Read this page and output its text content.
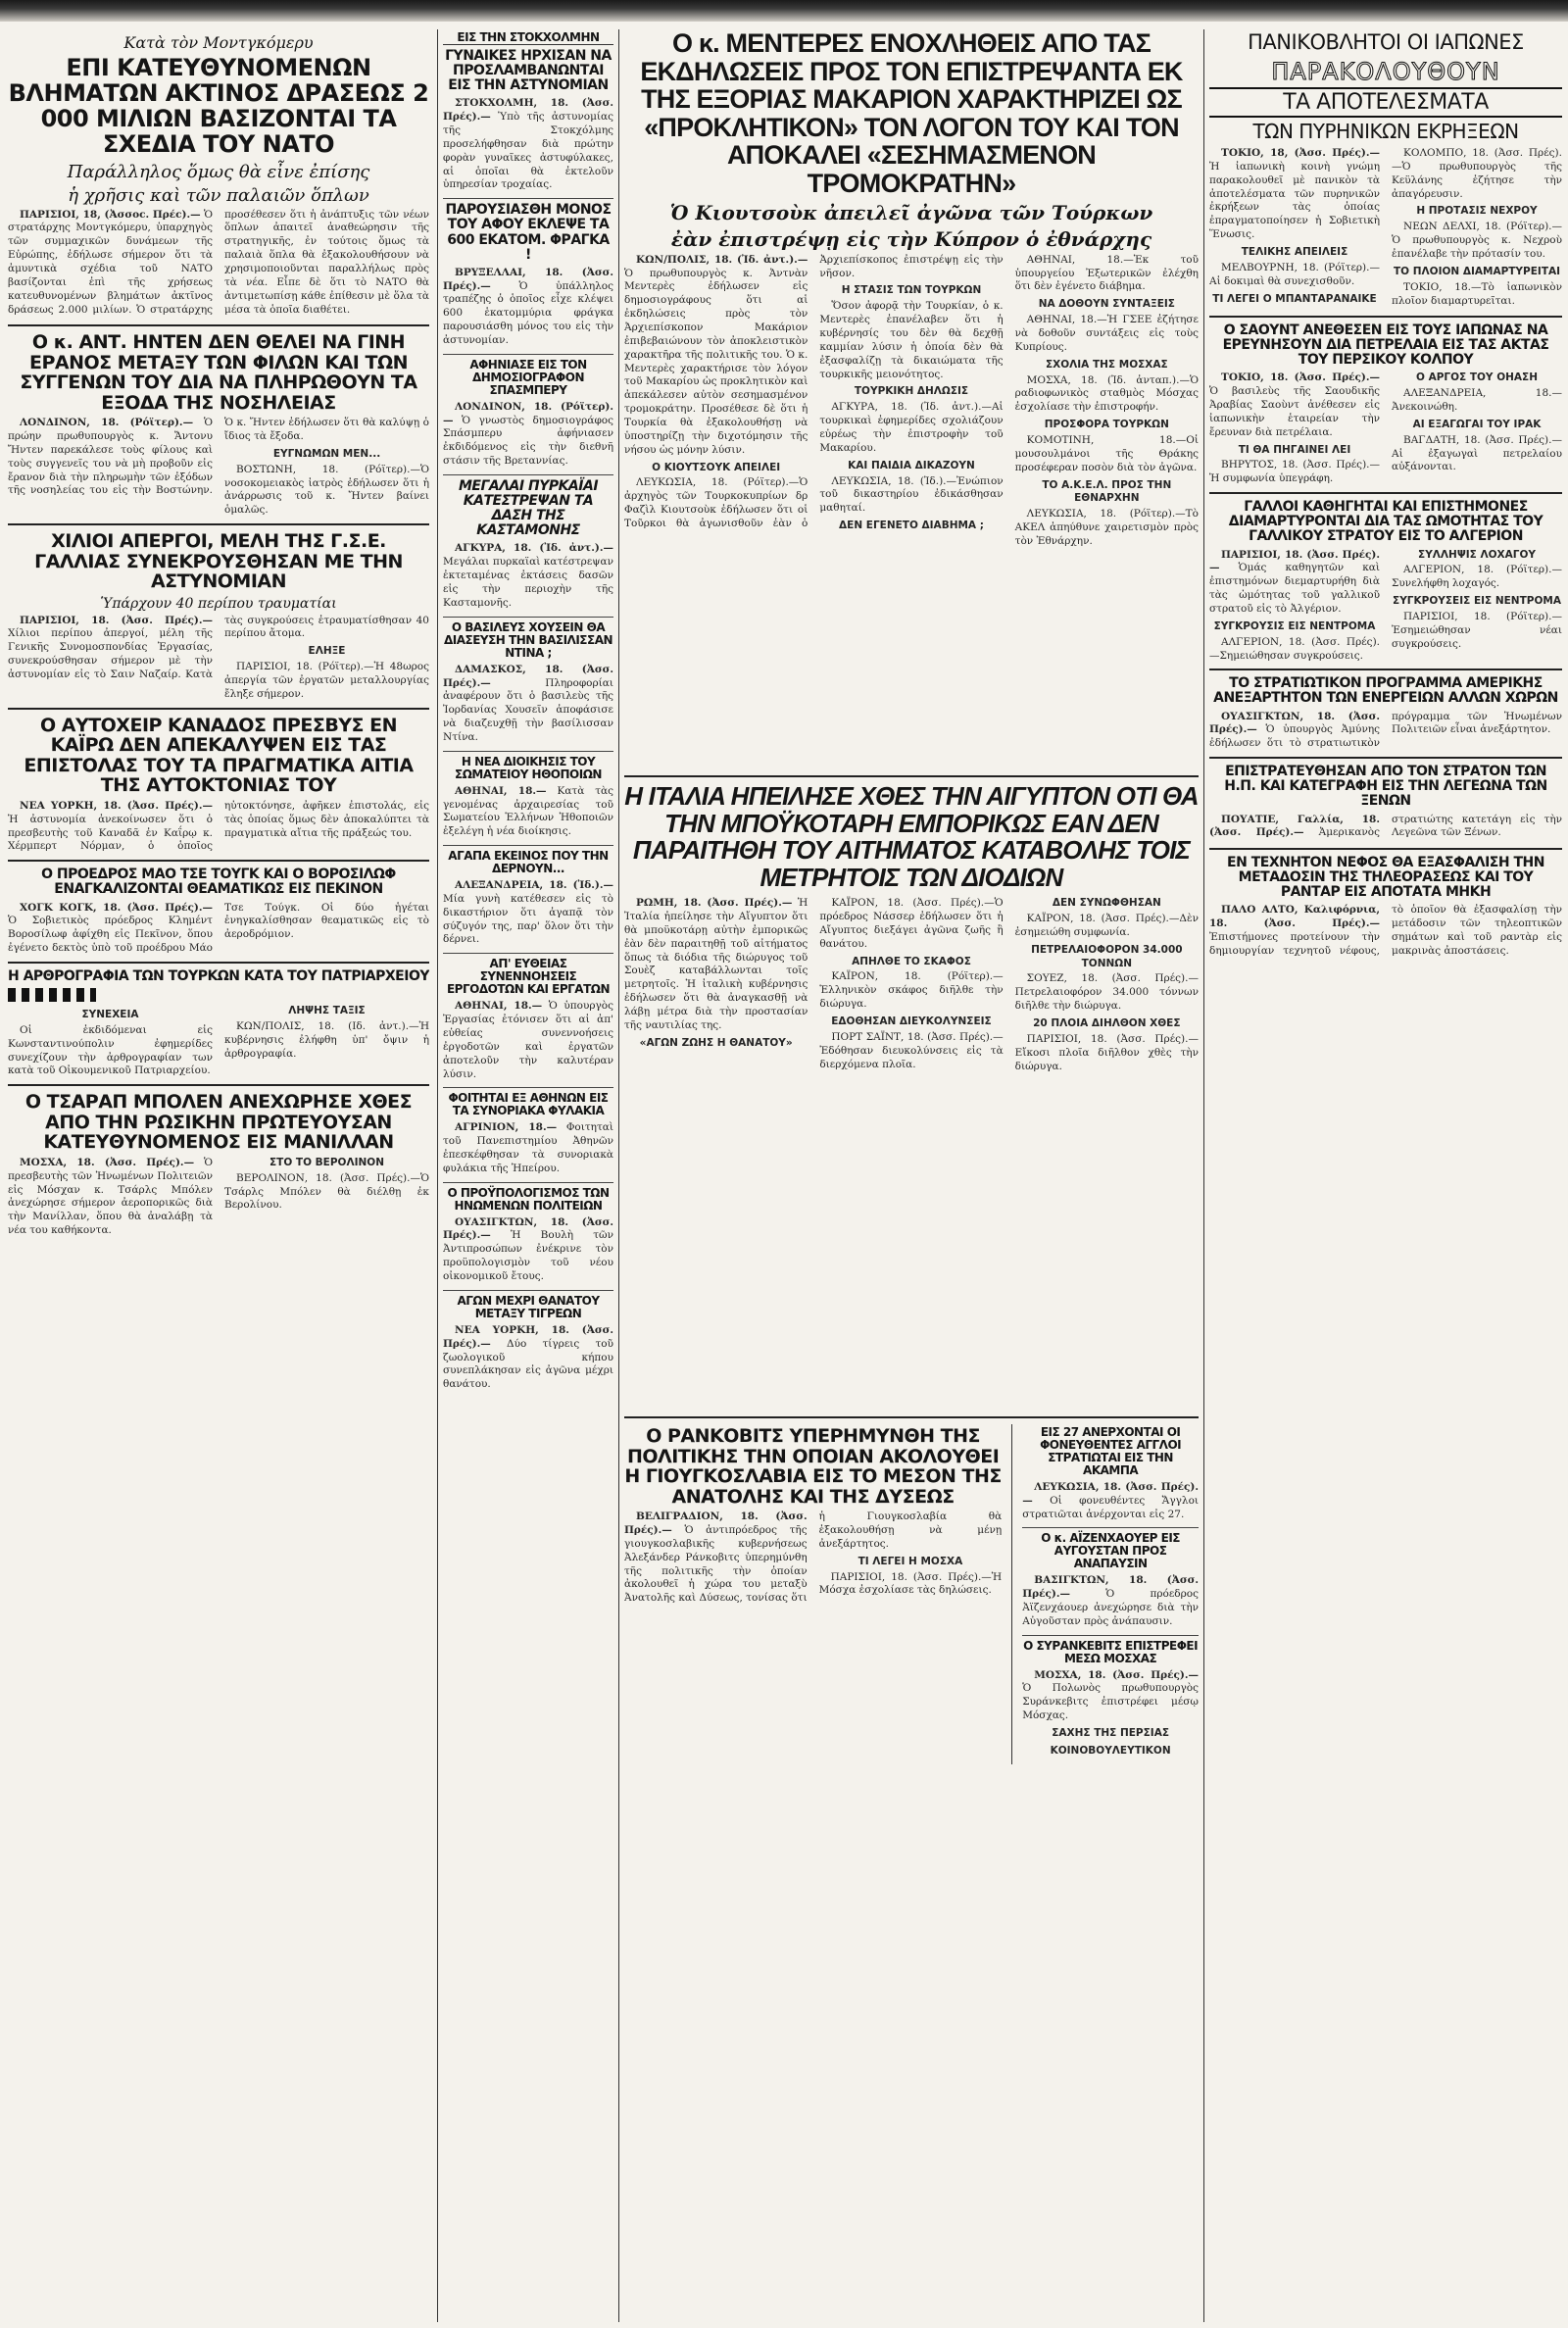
Κατὰ τὸν Μοντγκόμερυ
ΕΠΙ ΚΑΤΕΥΘΥΝΟΜΕΝΩΝ ΒΛΗΜΑΤΩΝ ΑΚΤΙΝΟΣ ΔΡΑΣΕΩΣ 2 000 ΜΙΛΙΩΝ ΒΑΣΙΖΟΝΤΑΙ ΤΑ ΣΧΕΔΙΑ ΤΟΥ ΝΑΤΟ
Παράλληλος ὅμως θὰ εἶνε ἐπίσης
ἡ χρῆσις καὶ τῶν παλαιῶν ὅπλων

ΠΑΡΙΣΙΟΙ, 18, (Ἀσσοc. Πρέc).— Ὁ στρατάρχης Μοντγκόμερυ, ὑπαρχηγὸς τῶν συμμαχικῶν δυνάμεων τῆς Εὐρώπης, ἐδήλωσε σήμερον ὅτι τὰ ἀμυντικὰ σχέδια τοῦ ΝΑΤΟ βασίζονται ἐπὶ τῆς χρήσεως κατευθυνομένων βλημάτων ἀκτῖνος δράσεως 2.000 μιλίων. Ὁ στρατάρχης προσέθεσεν ὅτι ἡ ἀνάπτυξις τῶν νέων ὅπλων ἀπαιτεῖ ἀναθεώρησιν τῆς στρατηγικῆς, ἐν τούτοις ὅμως τὰ παλαιὰ ὅπλα θὰ ἐξακολουθήσουν νὰ χρησιμοποιοῦνται παραλλήλως πρὸς τὰ νέα. Εἶπε δὲ ὅτι τὸ ΝΑΤΟ θὰ ἀντιμετωπίσῃ κάθε ἐπίθεσιν μὲ ὅλα τὰ μέσα τὰ ὁποῖα διαθέτει.

Ο κ. ΑΝΤ. ΗΝΤΕΝ ΔΕΝ ΘΕΛΕΙ ΝΑ ΓΙΝΗ ΕΡΑΝΟΣ ΜΕΤΑΞΥ ΤΩΝ ΦΙΛΩΝ ΚΑΙ ΤΩΝ ΣΥΓΓΕΝΩΝ ΤΟΥ ΔΙΑ ΝΑ ΠΛΗΡΩΘΟΥΝ ΤΑ ΕΞΟΔΑ ΤΗΣ ΝΟΣΗΛΕΙΑΣ

ΛΟΝΔΙΝΟΝ, 18. (Ρόϊτερ).— Ὁ πρώην πρωθυπουργὸς κ. Ἄντονυ Ἤντεν παρεκάλεσε τοὺς φίλους καὶ τοὺς συγγενεῖς του νὰ μὴ προβοῦν εἰς ἔρανον διὰ τὴν πληρωμὴν τῶν ἐξόδων τῆς νοσηλείας του εἰς τὴν Βοστώνην. Ὁ κ. Ἤντεν ἐδήλωσεν ὅτι θὰ καλύψῃ ὁ ἴδιος τὰ ἔξοδα.

ΕΥΓΝΩΜΩΝ ΜΕΝ...

ΒΟΣΤΩΝΗ, 18. (Ρόϊτερ).—Ὁ νοσοκομειακὸς ἰατρὸς ἐδήλωσεν ὅτι ἡ ἀνάρρωσις τοῦ κ. Ἤντεν βαίνει ὁμαλῶς.

ΧΙΛΙΟΙ ΑΠΕΡΓΟΙ, ΜΕΛΗ ΤΗΣ Γ.Σ.Ε. ΓΑΛΛΙΑΣ ΣΥΝΕΚΡΟΥΣΘΗΣΑΝ ΜΕ ΤΗΝ ΑΣΤΥΝΟΜΙΑΝ
Ὑπάρχουν 40 περίπου τραυματίαι

ΠΑΡΙΣΙΟΙ, 18. (Ἀσσ. Πρές).— Χίλιοι περίπου ἀπεργοί, μέλη τῆς Γενικῆς Συνομοσπονδίας Ἐργασίας, συνεκρούσθησαν σήμερον μὲ τὴν ἀστυνομίαν εἰς τὸ Σαιν Ναζαίρ. Κατὰ τὰς συγκρούσεις ἐτραυματίσθησαν 40 περίπου ἄτομα.

ΕΛΗΞΕ

ΠΑΡΙΣΙΟΙ, 18. (Ρόϊτερ).—Ἡ 48ωρος ἀπεργία τῶν ἐργατῶν μεταλλουργίας ἔληξε σήμερον.

Ο ΑΥΤΟΧΕΙΡ ΚΑΝΑΔΟΣ ΠΡΕΣΒΥΣ ΕΝ ΚΑΪΡΩ ΔΕΝ ΑΠΕΚΑΛΥΨΕΝ ΕΙΣ ΤΑΣ ΕΠΙΣΤΟΛΑΣ ΤΟΥ ΤΑ ΠΡΑΓΜΑΤΙΚΑ ΑΙΤΙΑ ΤΗΣ ΑΥΤΟΚΤΟΝΙΑΣ ΤΟΥ

ΝΕΑ ΥΟΡΚΗ, 18. (Ἀσσ. Πρές).— Ἡ ἀστυνομία ἀνεκοίνωσεν ὅτι ὁ πρεσβευτὴς τοῦ Καναδᾶ ἐν Καΐρῳ κ. Χέρμπερτ Νόρμαν, ὁ ὁποῖος ηὐτοκτόνησε, ἀφῆκεν ἐπιστολάς, εἰς τὰς ὁποίας ὅμως δὲν ἀποκαλύπτει τὰ πραγματικὰ αἴτια τῆς πράξεώς του.

Ο ΠΡΟΕΔΡΟΣ ΜΑΟ ΤΣΕ ΤΟΥΓΚ ΚΑΙ Ο ΒΟΡΟΣΙΛΩΦ ΕΝΑΓΚΑΛΙΖΟΝΤΑΙ ΘΕΑΜΑΤΙΚΩΣ ΕΙΣ ΠΕΚΙΝΟΝ

ΧΟΓΚ ΚΟΓΚ, 18. (Ἀσσ. Πρές).— Ὁ Σοβιετικὸς πρόεδρος Κλημέντ Βοροσίλωφ ἀφίχθη εἰς Πεκῖνον, ὅπου ἐγένετο δεκτὸς ὑπὸ τοῦ προέδρου Μάο Τσε Τούγκ. Οἱ δύο ἡγέται ἐνηγκαλίσθησαν θεαματικῶς εἰς τὸ ἀεροδρόμιον.

Η ΑΡΘΡΟΓΡΑΦΙΑ ΤΩΝ ΤΟΥΡΚΩΝ ΚΑΤΑ ΤΟΥ ΠΑΤΡΙΑΡΧΕΙΟΥ
ΣΥΝΕΧΕΙΑ

Οἱ ἐκδιδόμεναι εἰς Κωνσταντινούπολιν ἐφημερίδες συνεχίζουν τὴν ἀρθρογραφίαν των κατὰ τοῦ Οἰκουμενικοῦ Πατριαρχείου.

ΛΗΨΗΣ ΤΑΞΙΣ

ΚΩΝ/ΠΟΛΙΣ, 18. (Ιδ. ἀντ.).—Ἡ κυβέρνησις ἐλήφθη ὑπ' ὄψιν ἡ ἀρθρογραφία.

Ο ΤΣΑΡΑΠ ΜΠΟΛΕΝ ΑΝΕΧΩΡΗΣΕ ΧΘΕΣ ΑΠΟ ΤΗΝ ΡΩΣΙΚΗΝ ΠΡΩΤΕΥΟΥΣΑΝ ΚΑΤΕΥΘΥΝΟΜΕΝΟΣ ΕΙΣ ΜΑΝΙΛΛΑΝ

ΜΟΣΧΑ, 18. (Ἀσσ. Πρές).— Ὁ πρεσβευτὴς τῶν Ἡνωμένων Πολιτειῶν εἰς Μόσχαν κ. Τσάρλς Μπόλεν ἀνεχώρησε σήμερον ἀεροπορικῶς διὰ τὴν Μανίλλαν, ὅπου θὰ ἀναλάβῃ τὰ νέα του καθήκοντα.

ΣΤΟ ΤΟ ΒΕΡΟΛΙΝΟΝ

ΒΕΡΟΛΙΝΟΝ, 18. (Ἀσσ. Πρές).—Ὁ Τσάρλς Μπόλεν θὰ διέλθῃ ἐκ Βερολίνου.

ΕΙΣ ΤΗΝ ΣΤΟΚΧΟΛΜΗΝ
ΓΥΝΑΙΚΕΣ ΗΡΧΙΣΑΝ ΝΑ ΠΡΟΣΛΑΜΒΑΝΩΝΤΑΙ ΕΙΣ ΤΗΝ ΑΣΤΥΝΟΜΙΑΝ

ΣΤΟΚΧΟΛΜΗ, 18. (Ἀσσ. Πρές).— Ὑπὸ τῆς ἀστυνομίας τῆς Στοκχόλμης προσελήφθησαν διὰ πρώτην φορὰν γυναῖκες ἀστυφύλακες, αἱ ὁποῖαι θὰ ἐκτελοῦν ὑπηρεσίαν τροχαίας.

ΠΑΡΟΥΣΙΑΣΘΗ ΜΟΝΟΣ ΤΟΥ ΑΦΟΥ ΕΚΛΕΨΕ ΤΑ 600 ΕΚΑΤΟΜ. ΦΡΑΓΚΑ !

ΒΡΥΞΕΛΛΑΙ, 18. (Ἀσσ. Πρές).—	Ὁ ὑπάλληλος τραπέζης ὁ ὁποῖος εἶχε κλέψει 600 ἑκατομμύρια φράγκα παρουσιάσθη μόνος του εἰς τὴν ἀστυνομίαν.

ΑΦΗΝΙΑΣΕ ΕΙΣ ΤΟΝ ΔΗΜΟΣΙΟΓΡΑΦΟΝ ΣΠΑΣΜΠΕΡΥ

ΛΟΝΔΙΝΟΝ, 18. (Ρόϊτερ).— Ὁ γνωστὸς δημοσιογράφος Σπάσμπερυ ἀφήνιασεν ἐκδιδόμενος εἰς τὴν διεθνῆ στάσιν τῆς Βρεταννίας.

ΜΕΓΑΛΑΙ ΠΥΡΚΑΪΑΙ ΚΑΤΕΣΤΡΕΨΑΝ ΤΑ ΔΑΣΗ ΤΗΣ ΚΑΣΤΑΜΟΝΗΣ

ΑΓΚΥΡΑ, 18. (Ἰδ. ἀντ.).— Μεγάλαι πυρκαϊαὶ κατέστρεψαν ἐκτεταμένας ἐκτάσεις δασῶν εἰς τὴν περιοχὴν τῆς Κασταμονῆς.

Ο ΒΑΣΙΛΕΥΣ ΧΟΥΣΕΙΝ ΘΑ ΔΙΑΣΕΥΣΗ ΤΗΝ ΒΑΣΙΛΙΣΣΑΝ ΝΤΙΝΑ ;

ΔΑΜΑΣΚΟΣ, 18. (Ἀσσ. Πρές).—	Πληροφορίαι ἀναφέρουν ὅτι ὁ βασιλεὺς τῆς Ἰορδανίας Χουσεῖν ἀποφάσισε νὰ διαζευχθῇ τὴν βασίλισσαν Ντίνα.

Η ΝΕΑ ΔΙΟΙΚΗΣΙΣ ΤΟΥ ΣΩΜΑΤΕΙΟΥ ΗΘΟΠΟΙΩΝ

ΑΘΗΝΑΙ, 18.— Κατὰ τὰς γενομένας ἀρχαιρεσίας τοῦ Σωματείου Ἑλλήνων Ἠθοποιῶν ἐξελέγη ἡ νέα διοίκησις.

ΑΓΑΠΑ ΕΚΕΙΝΟΣ ΠΟΥ ΤΗΝ ΔΕΡΝΟΥΝ...

ΑΛΕΞΑΝΔΡΕΙΑ, 18. (Ἰδ.).— Μία γυνὴ κατέθεσεν εἰς τὸ δικαστήριον ὅτι ἀγαπᾷ τὸν σύζυγόν της, παρ' ὅλον ὅτι τὴν δέρνει.

ΑΠ' ΕΥΘΕΙΑΣ ΣΥΝΕΝΝΟΗΣΕΙΣ ΕΡΓΟΔΟΤΩΝ ΚΑΙ ΕΡΓΑΤΩΝ

ΑΘΗΝΑΙ, 18.— Ὁ ὑπουργὸς Ἐργασίας ἐτόνισεν ὅτι αἱ ἀπ' εὐθείας συνεννοήσεις ἐργοδοτῶν καὶ ἐργατῶν ἀποτελοῦν τὴν καλυτέραν λύσιν.

ΦΟΙΤΗΤΑΙ ΕΞ ΑΘΗΝΩΝ ΕΙΣ ΤΑ ΣΥΝΟΡΙΑΚΑ ΦΥΛΑΚΙΑ

ΑΓΡΙΝΙΟΝ, 18.— Φοιτηταὶ τοῦ Πανεπιστημίου Ἀθηνῶν ἐπεσκέφθησαν τὰ συνοριακὰ φυλάκια τῆς Ἠπείρου.

Ο ΠΡΟΫΠΟΛΟΓΙΣΜΟΣ ΤΩΝ ΗΝΩΜΕΝΩΝ ΠΟΛΙΤΕΙΩΝ

ΟΥΑΣΙΓΚΤΩΝ, 18. (Ἀσσ. Πρές).— Ἡ Βουλὴ τῶν Ἀντιπροσώπων ἐνέκρινε τὸν προϋπολογισμὸν τοῦ νέου οἰκονομικοῦ ἔτους.

ΑΓΩΝ ΜΕΧΡΙ ΘΑΝΑΤΟΥ ΜΕΤΑΞΥ ΤΙΓΡΕΩΝ

ΝΕΑ ΥΟΡΚΗ, 18. (Ἀσσ. Πρές).— Δύο τίγρεις τοῦ ζωολογικοῦ κήπου συνεπλάκησαν εἰς ἀγῶνα μέχρι θανάτου.

Ο κ. ΜΕΝΤΕΡΕΣ ΕΝΟΧΛΗΘΕΙΣ ΑΠΟ ΤΑΣ ΕΚΔΗΛΩΣΕΙΣ ΠΡΟΣ ΤΟΝ ΕΠΙΣΤΡΕΨΑΝΤΑ ΕΚ ΤΗΣ ΕΞΟΡΙΑΣ ΜΑΚΑΡΙΟΝ ΧΑΡΑΚΤΗΡΙΖΕΙ ΩΣ «ΠΡΟΚΛΗΤΙΚΟΝ» ΤΟΝ ΛΟΓΟΝ ΤΟΥ ΚΑΙ ΤΟΝ ΑΠΟΚΑΛΕΙ «ΣΕΣΗΜΑΣΜΕΝΟΝ ΤΡΟΜΟΚΡΑΤΗΝ»
Ὁ Κιουτσοὺκ ἀπειλεῖ ἀγῶνα τῶν Τούρκων
ἐὰν ἐπιστρέψῃ εἰς τὴν Κύπρον ὁ ἐθνάρχης

ΚΩΝ/ΠΟΛΙΣ, 18. (Ἰδ. ἀντ.).— Ὁ πρωθυπουργὸς κ. Ἀντνὰν Μεντερὲς ἐδήλωσεν εἰς δημοσιογράφους ὅτι αἱ ἐκδηλώσεις πρὸς τὸν Ἀρχιεπίσκοπον Μακάριον ἐπιβεβαιώνουν τὸν ἀποκλειστικὸν χαρακτῆρα τῆς πολιτικῆς του. Ὁ κ. Μεντερὲς χαρακτήρισε τὸν λόγον τοῦ Μακαρίου ὡς προκλητικὸν καὶ ἀπεκάλεσεν αὐτὸν σεσημασμένον τρομοκράτην. Προσέθεσε δὲ ὅτι ἡ Τουρκία θὰ ἐξακολουθήσῃ νὰ ὑποστηρίζῃ τὴν διχοτόμησιν τῆς νήσου ὡς μόνην λύσιν.

Ο ΚΙΟΥΤΣΟΥΚ ΑΠΕΙΛΕΙ

ΛΕΥΚΩΣΙΑ, 18. (Ρόϊτερ).—Ὁ ἀρχηγὸς τῶν Τουρκοκυπρίων δρ Φαζὶλ Κιουτσοὺκ ἐδήλωσεν ὅτι οἱ Τοῦρκοι θὰ ἀγωνισθοῦν ἐὰν ὁ Ἀρχιεπίσκοπος ἐπιστρέψῃ εἰς τὴν νῆσον.

Η ΣΤΑΣΙΣ ΤΩΝ ΤΟΥΡΚΩΝ

Ὅσον ἀφορᾷ τὴν Τουρκίαν, ὁ κ. Μεντερὲς ἐπανέλαβεν ὅτι ἡ κυβέρνησίς του δὲν θὰ δεχθῇ καμμίαν λύσιν ἡ ὁποία δὲν θὰ ἐξασφαλίζῃ τὰ δικαιώματα τῆς τουρκικῆς μειονότητος.

ΤΟΥΡΚΙΚΗ ΔΗΛΩΣΙΣ

ΑΓΚΥΡΑ, 18. (Ἰδ. ἀντ.).—Αἱ τουρκικαὶ ἐφημερίδες σχολιάζουν εὐρέως τὴν ἐπιστροφὴν τοῦ Μακαρίου.

ΚΑΙ ΠΑΙΔΙΑ ΔΙΚΑΖΟΥΝ

ΛΕΥΚΩΣΙΑ, 18. (Ἰδ.).—Ἐνώπιον τοῦ δικαστηρίου ἐδικάσθησαν μαθηταί.

ΔΕΝ ΕΓΕΝΕΤΟ ΔΙΑΒΗΜΑ ;

ΑΘΗΝΑΙ, 18.—Ἐκ τοῦ ὑπουργείου Ἐξωτερικῶν ἐλέχθη ὅτι δὲν ἐγένετο διάβημα.

ΝΑ ΔΟΘΟΥΝ ΣΥΝΤΑΞΕΙΣ

ΑΘΗΝΑΙ, 18.—Ἡ ΓΣΕΕ ἐζήτησε νὰ δοθοῦν συντάξεις εἰς τοὺς Κυπρίους.

ΣΧΟΛΙΑ ΤΗΣ ΜΟΣΧΑΣ

ΜΟΣΧΑ, 18. (Ἰδ. ἀνταπ.).—Ὁ ραδιοφωνικὸς σταθμὸς Μόσχας ἐσχολίασε τὴν ἐπιστροφήν.

ΠΡΟΣΦΟΡΑ ΤΟΥΡΚΩΝ

ΚΟΜΟΤΙΝΗ, 18.—Οἱ μουσουλμάνοι τῆς Θράκης προσέφεραν ποσὸν διὰ τὸν ἀγῶνα.

ΤΟ Α.Κ.Ε.Λ. ΠΡΟΣ ΤΗΝ ΕΘΝΑΡΧΗΝ

ΛΕΥΚΩΣΙΑ, 18. (Ρόϊτερ).—Τὸ ΑΚΕΛ ἀπηύθυνε χαιρετισμὸν πρὸς τὸν Ἐθνάρχην.

Η ΙΤΑΛΙΑ ΗΠΕΙΛΗΣΕ ΧΘΕΣ ΤΗΝ ΑΙΓΥΠΤΟΝ ΟΤΙ ΘΑ ΤΗΝ ΜΠΟΫΚΟΤΑΡΗ ΕΜΠΟΡΙΚΩΣ ΕΑΝ ΔΕΝ ΠΑΡΑΙΤΗΘΗ ΤΟΥ ΑΙΤΗΜΑΤΟΣ ΚΑΤΑΒΟΛΗΣ ΤΟΙΣ ΜΕΤΡΗΤΟΙΣ ΤΩΝ ΔΙΟΔΙΩΝ

ΡΩΜΗ, 18. (Ἀσσ. Πρές).— Ἡ Ἰταλία ἠπείλησε τὴν Αἴγυπτον ὅτι θὰ μποϋκοτάρῃ αὐτὴν ἐμπορικῶς ἐὰν δὲν παραιτηθῇ τοῦ αἰτήματος ὅπως τὰ διόδια τῆς διώρυγος τοῦ Σουὲζ καταβάλλωνται τοῖς μετρητοῖς. Ἡ ἰταλικὴ κυβέρνησις ἐδήλωσεν ὅτι θὰ ἀναγκασθῇ νὰ λάβῃ μέτρα διὰ τὴν προστασίαν τῆς ναυτιλίας της.

«ΑΓΩΝ ΖΩΗΣ Η ΘΑΝΑΤΟΥ»

ΚΑΪΡΟΝ, 18. (Ἀσσ. Πρές).—Ὁ πρόεδρος Νάσσερ ἐδήλωσεν ὅτι ἡ Αἴγυπτος διεξάγει ἀγῶνα ζωῆς ἢ θανάτου.

ΑΠΗΛΘΕ ΤΟ ΣΚΑΦΟΣ

ΚΑΪΡΟΝ, 18. (Ρόϊτερ).—Ἑλληνικὸν σκάφος διῆλθε τὴν διώρυγα.

ΕΔΟΘΗΣΑΝ ΔΙΕΥΚΟΛΥΝΣΕΙΣ

ΠΟΡΤ ΣΑΪΝΤ, 18. (Ἀσσ. Πρές).—Ἐδόθησαν διευκολύνσεις εἰς τὰ διερχόμενα πλοῖα.

ΔΕΝ ΣΥΝΩΦΘΗΣΑΝ

ΚΑΪΡΟΝ, 18. (Ἀσσ. Πρές).—Δὲν ἐσημειώθη συμφωνία.

ΠΕΤΡΕΛΑΙΟΦΟΡΟΝ 34.000 ΤΟΝΝΩΝ

ΣΟΥΕΖ, 18. (Ἀσσ. Πρές).—Πετρελαιοφόρον 34.000 τόννων διῆλθε τὴν διώρυγα.

20 ΠΛΟΙΑ ΔΙΗΛΘΟΝ ΧΘΕΣ

ΠΑΡΙΣΙΟΙ, 18. (Ἀσσ. Πρές).—Εἴκοσι πλοῖα διῆλθον χθὲς τὴν διώρυγα.

Ο ΡΑΝΚΟΒΙΤΣ ΥΠΕΡΗΜΥΝΘΗ ΤΗΣ ΠΟΛΙΤΙΚΗΣ ΤΗΝ ΟΠΟΙΑΝ ΑΚΟΛΟΥΘΕΙ Η ΓΙΟΥΓΚΟΣΛΑΒΙΑ ΕΙΣ ΤΟ ΜΕΣΟΝ ΤΗΣ ΑΝΑΤΟΛΗΣ ΚΑΙ ΤΗΣ ΔΥΣΕΩΣ

ΒΕΛΙΓΡΑΔΙΟΝ, 18. (Ἀσσ. Πρές).— Ὁ ἀντιπρόεδρος τῆς γιουγκοσλαβικῆς κυβερνήσεως Ἀλεξάνδερ Ράνκοβιτς ὑπερημύνθη τῆς πολιτικῆς τὴν ὁποίαν ἀκολουθεῖ ἡ χώρα του μεταξὺ Ἀνατολῆς καὶ Δύσεως, τονίσας ὅτι ἡ Γιουγκοσλαβία θὰ ἐξακολουθήσῃ νὰ μένῃ ἀνεξάρτητος.

ΤΙ ΛΕΓΕΙ Η ΜΟΣΧΑ

ΠΑΡΙΣΙΟΙ, 18. (Ἀσσ. Πρές).—Ἡ Μόσχα ἐσχολίασε τὰς δηλώσεις.

ΕΙΣ 27 ΑΝΕΡΧΟΝΤΑΙ ΟΙ ΦΟΝΕΥΘΕΝΤΕΣ ΑΓΓΛΟΙ ΣΤΡΑΤΙΩΤΑΙ ΕΙΣ ΤΗΝ ΑΚΑΜΠΑ

ΛΕΥΚΩΣΙΑ, 18. (Ἀσσ. Πρές).— Οἱ φονευθέντες Ἄγγλοι στρατιῶται ἀνέρχονται εἰς 27.

Ο κ. ΑΪΖΕΝΧΑΟΥΕΡ ΕΙΣ ΑΥΓΟΥΣΤΑΝ ΠΡΟΣ ΑΝΑΠΑΥΣΙΝ

ΒΑΣΙΓΚΤΩΝ, 18. (Ἀσσ. Πρές).—	Ὁ πρόεδρος Ἀϊζενχάουερ ἀνεχώρησε διὰ τὴν Αὐγοῦσταν πρὸς ἀνάπαυσιν.

Ο ΣΥΡΑΝΚΕΒΙΤΣ ΕΠΙΣΤΡΕΦΕΙ ΜΕΣΩ ΜΟΣΧΑΣ

ΜΟΣΧΑ, 18. (Ἀσσ. Πρές).— Ὁ Πολωνὸς πρωθυπουργὸς Συράνκεβιτς ἐπιστρέφει μέσῳ Μόσχας.

ΣΑΧΗΣ ΤΗΣ ΠΕΡΣΙΑΣ
ΚΟΙΝΟΒΟΥΛΕΥΤΙΚΟΝ
ΠΑΝΙΚΟΒΛΗΤΟΙ ΟΙ ΙΑΠΩΝΕΣ
ΠΑΡΑΚΟΛΟΥΘΟΥΝ
ΤΑ ΑΠΟΤΕΛΕΣΜΑΤΑ
ΤΩΝ ΠΥΡΗΝΙΚΩΝ ΕΚΡΗΞΕΩΝ

ΤΟΚΙΟ, 18, (Ἀσσ. Πρές).— Ἡ ἰαπωνικὴ κοινὴ γνώμη παρακολουθεῖ μὲ πανικὸν τὰ ἀποτελέσματα τῶν πυρηνικῶν ἐκρήξεων τὰς ὁποίας ἐπραγματοποίησεν ἡ Σοβιετικὴ Ἕνωσις.

ΤΕΛΙΚΗΣ ΑΠΕΙΛΕΙΣ

ΜΕΛΒΟΥΡΝΗ, 18. (Ρόϊτερ).—Αἱ δοκιμαὶ θὰ συνεχισθοῦν.

ΤΙ ΛΕΓΕΙ Ο ΜΠΑΝΤΑΡΑΝΑΙΚΕ

ΚΟΛΟΜΠΟ, 18. (Ἀσσ. Πρές).—Ὁ πρωθυπουργὸς τῆς Κεϋλάνης ἐζήτησε τὴν ἀπαγόρευσιν.

Η ΠΡΟΤΑΣΙΣ ΝΕΧΡΟΥ

ΝΕΩΝ ΔΕΛΧΙ, 18. (Ρόϊτερ).—Ὁ πρωθυπουργὸς κ. Νεχροὺ ἐπανέλαβε τὴν πρότασίν του.

ΤΟ ΠΛΟΙΟΝ ΔΙΑΜΑΡΤΥΡΕΙΤΑΙ

ΤΟΚΙΟ, 18.—Τὸ ἰαπωνικὸν πλοῖον διαμαρτυρεῖται.

Ο ΣΑΟΥΝΤ ΑΝΕΘΕΣΕΝ ΕΙΣ ΤΟΥΣ ΙΑΠΩΝΑΣ ΝΑ ΕΡΕΥΝΗΣΟΥΝ ΔΙΑ ΠΕΤΡΕΛΑΙΑ ΕΙΣ ΤΑΣ ΑΚΤΑΣ ΤΟΥ ΠΕΡΣΙΚΟΥ ΚΟΛΠΟΥ

ΤΟΚΙΟ, 18. (Ἀσσ. Πρές).— Ὁ βασιλεὺς τῆς Σαουδικῆς Ἀραβίας Σαοὺντ ἀνέθεσεν εἰς ἰαπωνικὴν ἑταιρείαν τὴν ἔρευναν διὰ πετρέλαια.

ΤΙ ΘΑ ΠΗΓΑΙΝΕΙ ΛΕΙ

ΒΗΡΥΤΟΣ, 18. (Ἀσσ. Πρές).—Ἡ συμφωνία ὑπεγράφη.

Ο ΑΡΓΟΣ ΤΟΥ ΟΗΑΣΗ

ΑΛΕΞΑΝΔΡΕΙΑ, 18.—Ἀνεκοινώθη.

ΑΙ ΕΞΑΓΩΓΑΙ ΤΟΥ ΙΡΑΚ

ΒΑΓΔΑΤΗ, 18. (Ἀσσ. Πρές).—Αἱ ἐξαγωγαὶ πετρελαίου αὐξάνονται.

ΓΑΛΛΟΙ ΚΑΘΗΓΗΤΑΙ ΚΑΙ ΕΠΙΣΤΗΜΟΝΕΣ ΔΙΑΜΑΡΤΥΡΟΝΤΑΙ ΔΙΑ ΤΑΣ ΩΜΟΤΗΤΑΣ ΤΟΥ ΓΑΛΛΙΚΟΥ ΣΤΡΑΤΟΥ ΕΙΣ ΤΟ ΑΛΓΕΡΙΟΝ

ΠΑΡΙΣΙΟΙ, 18. (Ἀσσ. Πρές).— Ὁμάς καθηγητῶν καὶ ἐπιστημόνων διεμαρτυρήθη διὰ τὰς ὠμότητας τοῦ γαλλικοῦ στρατοῦ εἰς τὸ Ἀλγέριον.

ΣΥΓΚΡΟΥΣΙΣ ΕΙΣ ΝΕΝΤΡΟΜΑ

ΑΛΓΕΡΙΟΝ, 18. (Ἀσσ. Πρές).—Σημειώθησαν συγκρούσεις.

ΣΥΛΛΗΨΙΣ ΛΟΧΑΓΟΥ

ΑΛΓΕΡΙΟΝ, 18. (Ρόϊτερ).—Συνελήφθη λοχαγός.

ΣΥΓΚΡΟΥΣΕΙΣ ΕΙΣ ΝΕΝΤΡΟΜΑ

ΠΑΡΙΣΙΟΙ, 18. (Ρόϊτερ).—Ἐσημειώθησαν νέαι συγκρούσεις.

ΤΟ ΣΤΡΑΤΙΩΤΙΚΟΝ ΠΡΟΓΡΑΜΜΑ ΑΜΕΡΙΚΗΣ ΑΝΕΞΑΡΤΗΤΟΝ ΤΩΝ ΕΝΕΡΓΕΙΩΝ ΑΛΛΩΝ ΧΩΡΩΝ

ΟΥΑΣΙΓΚΤΩΝ, 18. (Ἀσσ. Πρές).— Ὁ ὑπουργὸς Ἀμύνης ἐδήλωσεν ὅτι τὸ στρατιωτικὸν πρόγραμμα τῶν Ἡνωμένων Πολιτειῶν εἶναι ἀνεξάρτητον.

ΕΠΙΣΤΡΑΤΕΥΘΗΣΑΝ ΑΠΟ ΤΟΝ ΣΤΡΑΤΟΝ ΤΩΝ Η.Π. ΚΑΙ ΚΑΤΕΓΡΑΦΗ ΕΙΣ ΤΗΝ ΛΕΓΕΩΝΑ ΤΩΝ ΞΕΝΩΝ

ΠΟΥΑΤΙΕ, Γαλλία, 18. (Ἀσσ. Πρές).— Ἀμερικανὸς στρατιώτης κατετάγη εἰς τὴν Λεγεῶνα τῶν Ξένων.

ΕΝ ΤΕΧΝΗΤΟΝ ΝΕΦΟΣ ΘΑ ΕΞΑΣΦΑΛΙΣΗ ΤΗΝ ΜΕΤΑΔΟΣΙΝ ΤΗΣ ΤΗΛΕΟΡΑΣΕΩΣ ΚΑΙ ΤΟΥ ΡΑΝΤΑΡ ΕΙΣ ΑΠΟΤΑΤΑ ΜΗΚΗ

ΠΑΛΟ ΑΛΤΟ, Καλιφόρνια, 18. (Ἀσσ. Πρές).— Ἐπιστήμονες προτείνουν τὴν δημιουργίαν τεχνητοῦ νέφους, τὸ ὁποῖον θὰ ἐξασφαλίσῃ τὴν μετάδοσιν τῶν τηλεοπτικῶν σημάτων καὶ τοῦ ραντὰρ εἰς μακρινὰς ἀποστάσεις.
